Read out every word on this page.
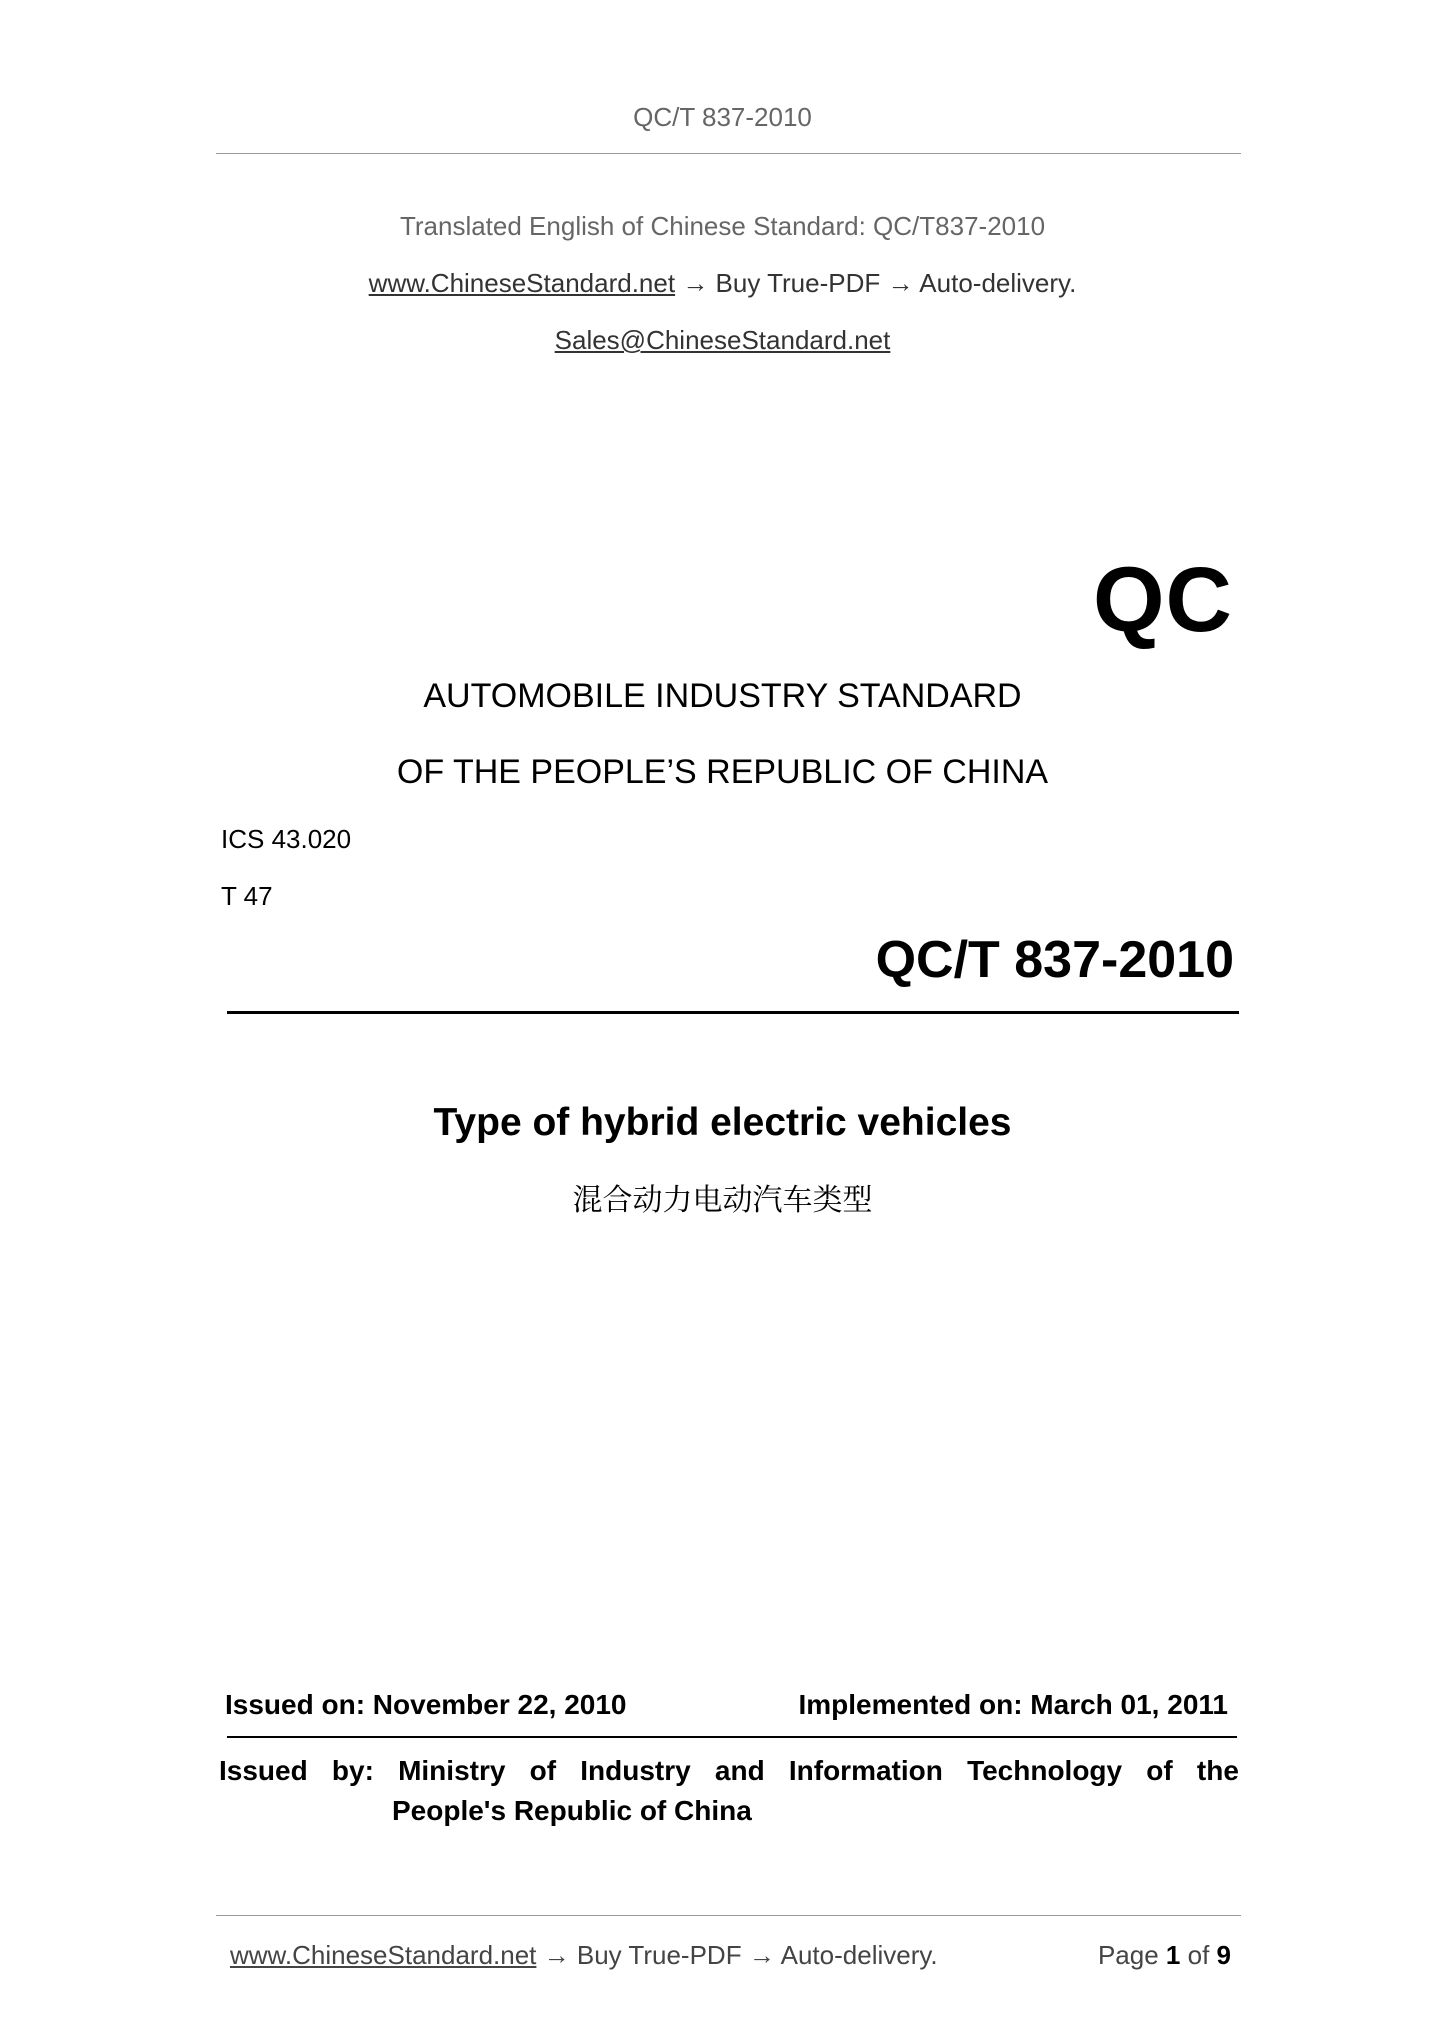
QC/T 837-2010
Translated English of Chinese Standard: QC/T837-2010
www.ChineseStandard.net → Buy True-PDF → Auto-delivery.
Sales@ChineseStandard.net
QC
AUTOMOBILE INDUSTRY STANDARD
OF THE PEOPLE’S REPUBLIC OF CHINA
ICS 43.020
T 47
QC/T 837-2010
Type of hybrid electric vehicles
混合动力电动汽车类型
Issued on: November 22, 2010	Implemented on: March 01, 2011
Issued by: Ministry of Industry and Information Technology of the
People's Republic of China
www.ChineseStandard.net → Buy True-PDF → Auto-delivery.	Page 1 of 9
